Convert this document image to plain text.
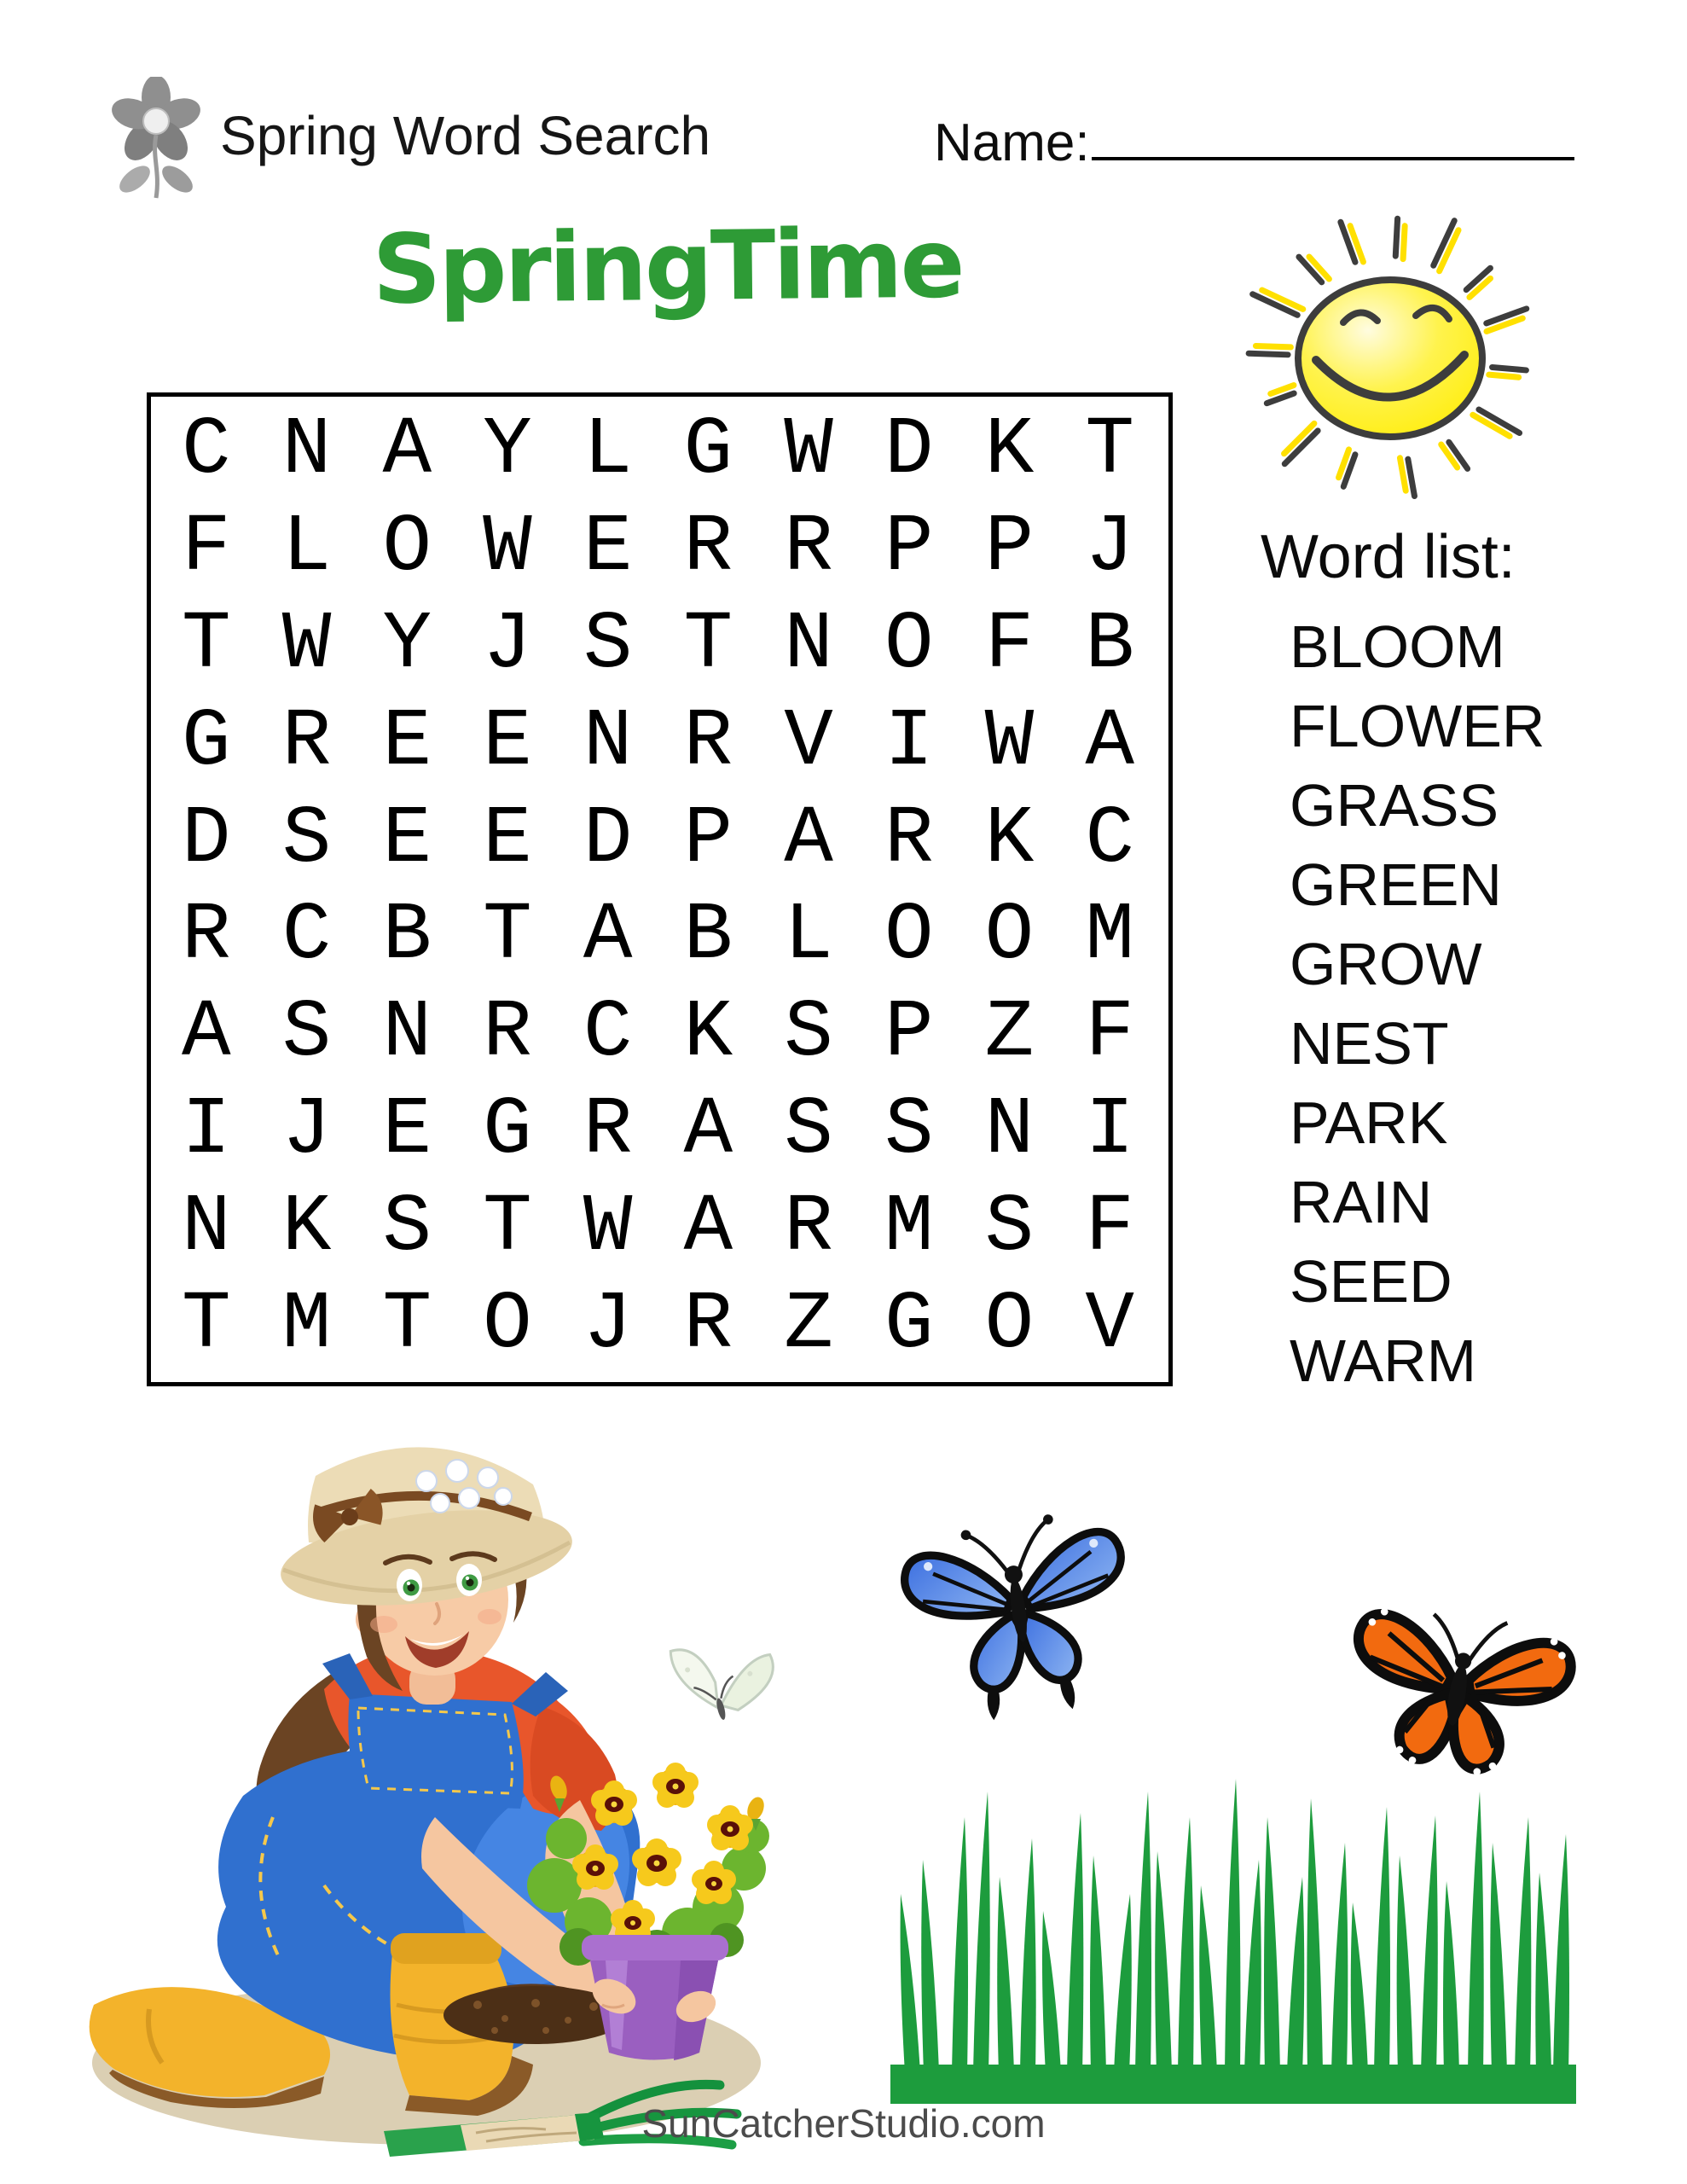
Spring Word Search	Name:
SpringTime
C N A Y L G W D K T
F L O W E R R P P J
T W Y J S T N O F B
G R E E N R V I W A
D S E E D P A R K C
R C B T A B L O O M
A S N R C K S P Z F
I J E G R A S S N I
N K S T W A R M S F
T M T O J R Z G O V
Word list:
BLOOM
FLOWER
GRASS
GREEN
GROW
NEST
PARK
RAIN
SEED
WARM
SunCatcherStudio.com
